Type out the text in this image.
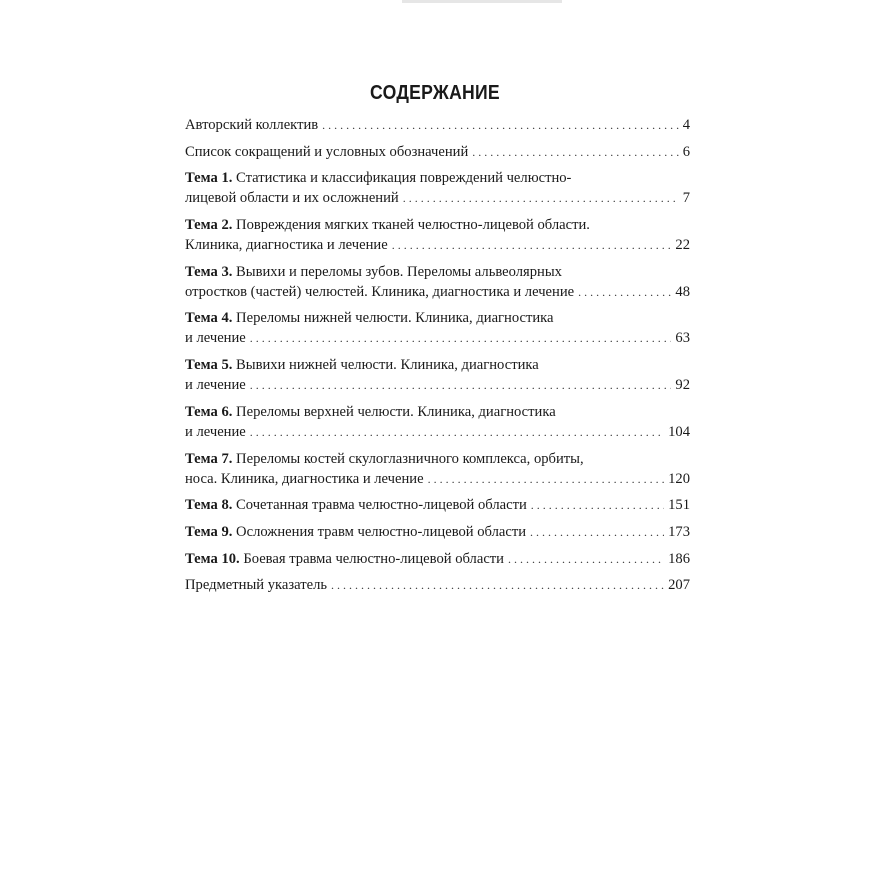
СОДЕРЖАНИЕ
Авторский коллектив . . .	4
Список сокращений и условных обозначений . . .	6
Тема 1. Статистика и классификация повреждений челюстно-
лицевой области и их осложнений . . .	7
Тема 2. Повреждения мягких тканей челюстно-лицевой области.
Клиника, диагностика и лечение . . .	22
Тема 3. Вывихи и переломы зубов. Переломы альвеолярных
отростков (частей) челюстей. Клиника, диагностика и лечение . . .	48
Тема 4. Переломы нижней челюсти. Клиника, диагностика
и лечение . . .	63
Тема 5. Вывихи нижней челюсти. Клиника, диагностика
и лечение . . .	92
Тема 6. Переломы верхней челюсти. Клиника, диагностика
и лечение . . .	104
Тема 7. Переломы костей скулоглазничного комплекса, орбиты,
носа. Клиника, диагностика и лечение . . .	120
Тема 8. Сочетанная травма челюстно-лицевой области . . .	151
Тема 9. Осложнения травм челюстно-лицевой области . . .	173
Тема 10. Боевая травма челюстно-лицевой области . . .	186
Предметный указатель . . .	207
